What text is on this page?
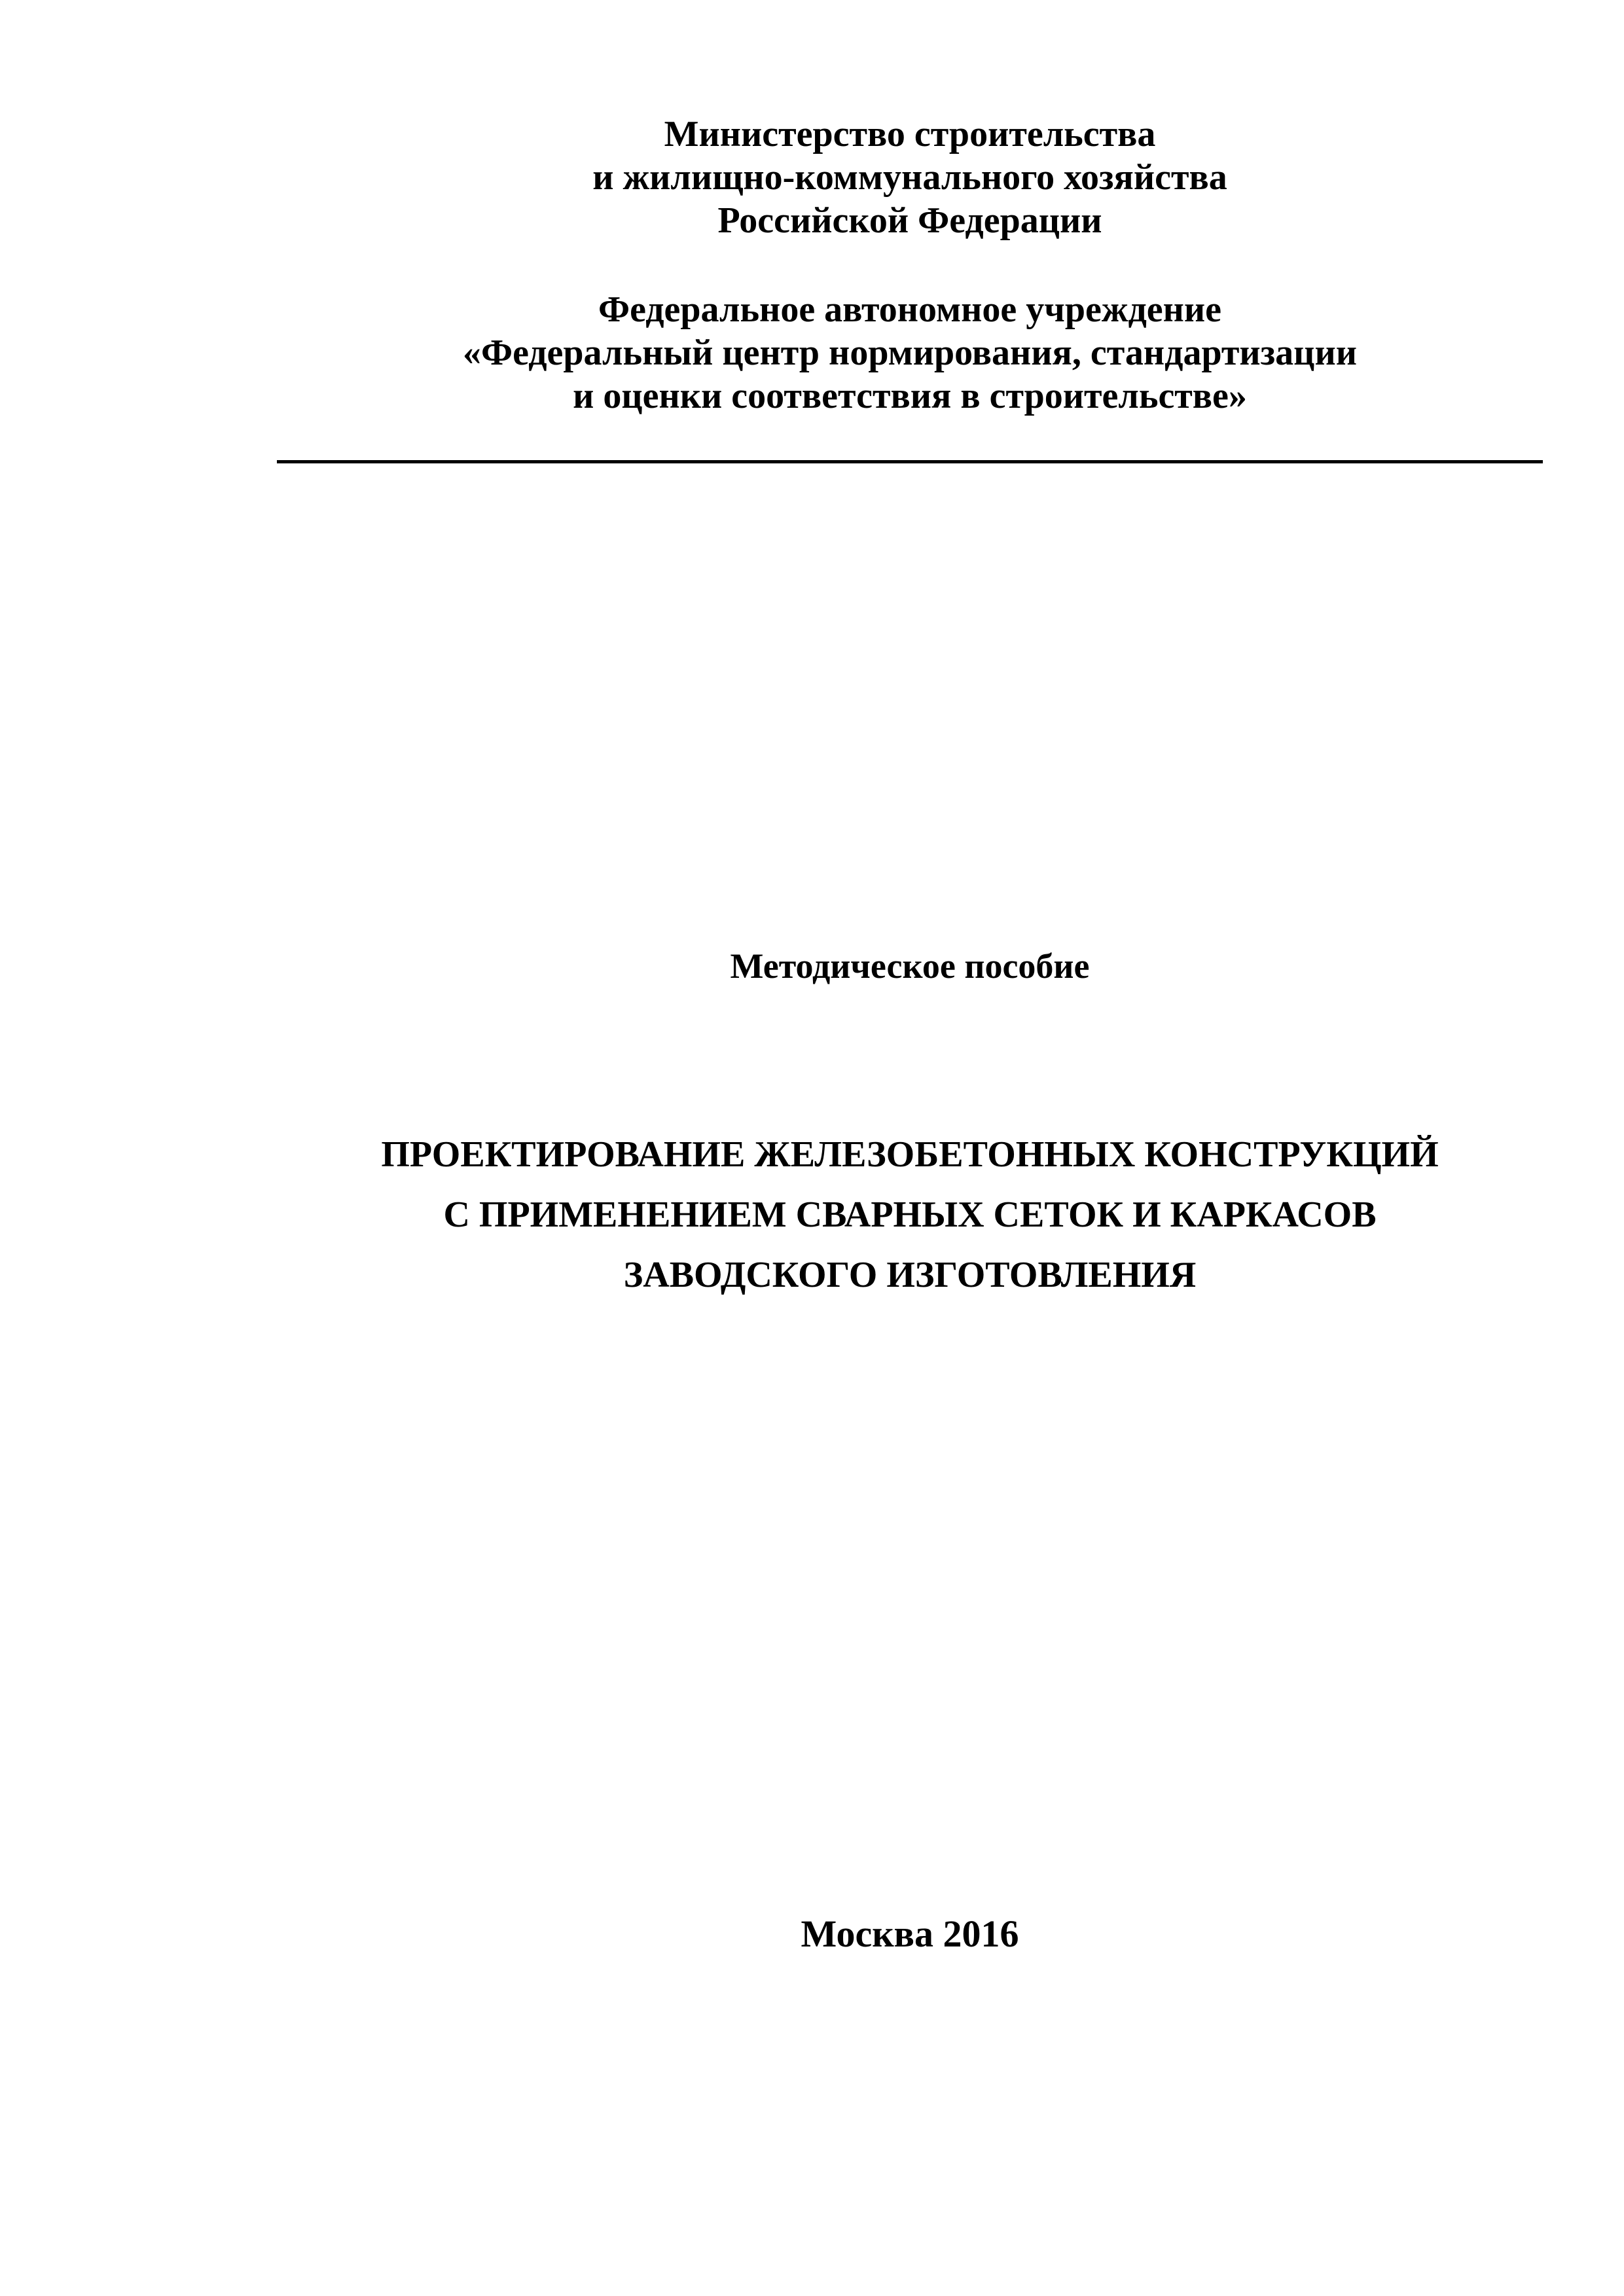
Министерство строительства
и жилищно-коммунального хозяйства
Российской Федерации
Федеральное автономное учреждение
«Федеральный центр нормирования, стандартизации
и оценки соответствия в строительстве»
Методическое пособие
ПРОЕКТИРОВАНИЕ ЖЕЛЕЗОБЕТОННЫХ КОНСТРУКЦИЙ
С ПРИМЕНЕНИЕМ СВАРНЫХ СЕТОК И КАРКАСОВ
ЗАВОДСКОГО ИЗГОТОВЛЕНИЯ
Москва 2016
